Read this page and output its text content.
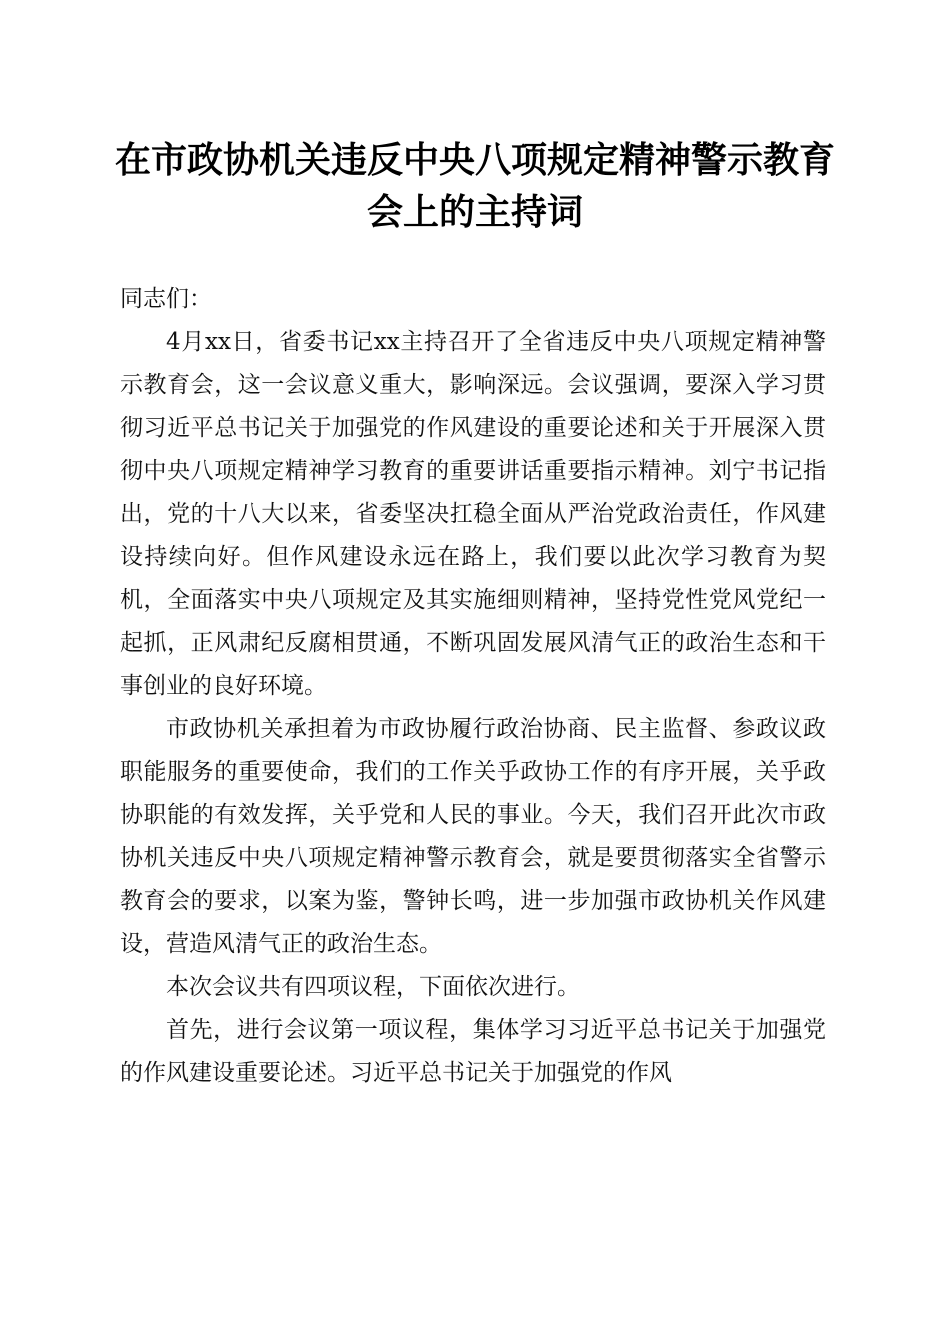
在市政协机关违反中央八项规定精神警示教育
会上的主持词

同志们：

4月xx日，省委书记xx主持召开了全省违反中央八项规定精神警示教育会，这一会议意义重大，影响深远。会议强调，要深入学习贯彻习近平总书记关于加强党的作风建设的重要论述和关于开展深入贯彻中央八项规定精神学习教育的重要讲话重要指示精神。刘宁书记指出，党的十八大以来，省委坚决扛稳全面从严治党政治责任，作风建设持续向好。但作风建设永远在路上，我们要以此次学习教育为契机，全面落实中央八项规定及其实施细则精神，坚持党性党风党纪一起抓，正风肃纪反腐相贯通，不断巩固发展风清气正的政治生态和干事创业的良好环境。

市政协机关承担着为市政协履行政治协商、民主监督、参政议政职能服务的重要使命，我们的工作关乎政协工作的有序开展，关乎政协职能的有效发挥，关乎党和人民的事业。今天，我们召开此次市政协机关违反中央八项规定精神警示教育会，就是要贯彻落实全省警示教育会的要求，以案为鉴，警钟长鸣，进一步加强市政协机关作风建设，营造风清气正的政治生态。

本次会议共有四项议程，下面依次进行。

首先，进行会议第一项议程，集体学习习近平总书记关于加强党的作风建设重要论述。习近平总书记关于加强党的作风
